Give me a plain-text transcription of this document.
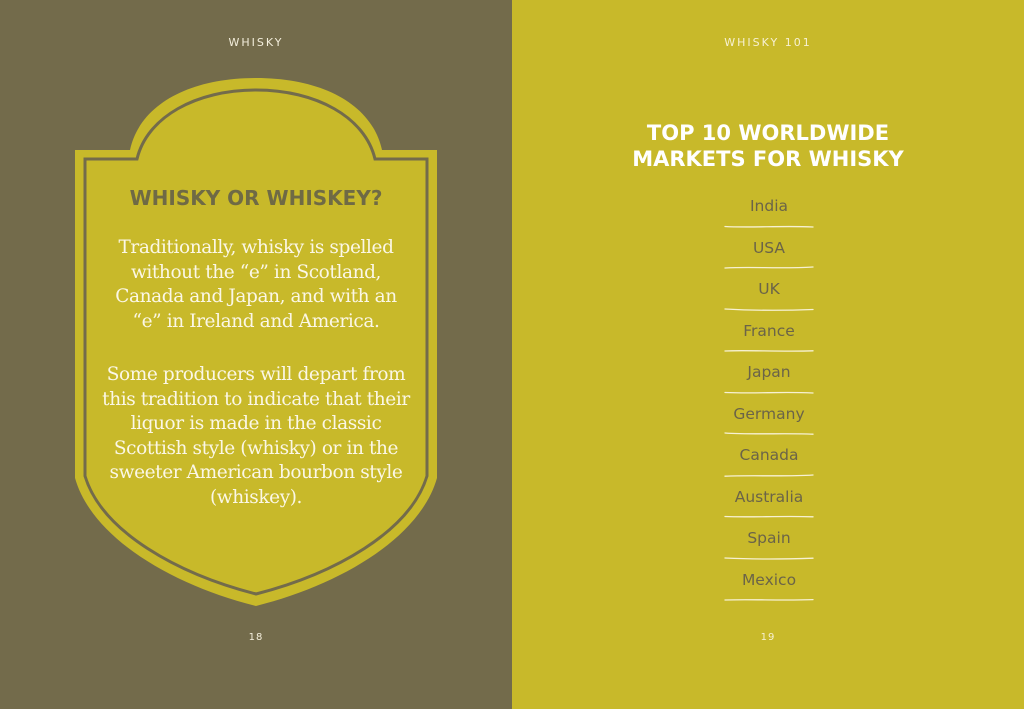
WHISKY
WHISKY OR WHISKEY?

Traditionally, whisky is spelled without the “e” in Scotland, Canada and Japan, and with an “e” in Ireland and America.

Some producers will depart from this tradition to indicate that their liquor is made in the classic Scottish style (whisky) or in the sweeter American bourbon style (whiskey).

18
WHISKY 101
TOP 10 WORLDWIDE
MARKETS FOR WHISKY
India
USA
UK
France
Japan
Germany
Canada
Australia
Spain
Mexico
19
